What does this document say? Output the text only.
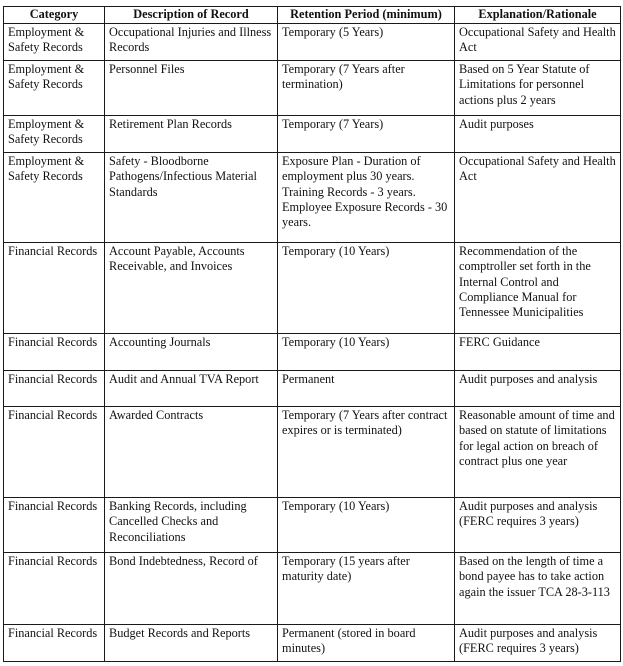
Category	Description of Record	Retention Period (minimum)	Explanation/Rationale
Employment & Safety Records	Occupational Injuries and Illness Records	Temporary (5 Years)	Occupational Safety and Health Act
Employment & Safety Records	Personnel Files	Temporary (7 Years after termination)	Based on 5 Year Statute of Limitations for personnel actions plus 2 years
Employment & Safety Records	Retirement Plan Records	Temporary (7 Years)	Audit purposes
Employment & Safety Records	Safety - Bloodborne Pathogens/Infectious Material Standards	Exposure Plan - Duration of employment plus 30 years. Training Records - 3 years. Employee Exposure Records - 30 years.	Occupational Safety and Health Act
Financial Records	Account Payable, Accounts Receivable, and Invoices	Temporary (10 Years)	Recommendation of the comptroller set forth in the Internal Control and Compliance Manual for Tennessee Municipalities
Financial Records	Accounting Journals	Temporary (10 Years)	FERC Guidance
Financial Records	Audit and Annual TVA Report	Permanent	Audit purposes and analysis
Financial Records	Awarded Contracts	Temporary (7 Years after contract expires or is terminated)	Reasonable amount of time and based on statute of limitations for legal action on breach of contract plus one year
Financial Records	Banking Records, including Cancelled Checks and Reconciliations	Temporary (10 Years)	Audit purposes and analysis (FERC requires 3 years)
Financial Records	Bond Indebtedness, Record of	Temporary (15 years after maturity date)	Based on the length of time a bond payee has to take action again the issuer TCA 28-3-113
Financial Records	Budget Records and Reports	Permanent (stored in board minutes)	Audit purposes and analysis (FERC requires 3 years)
